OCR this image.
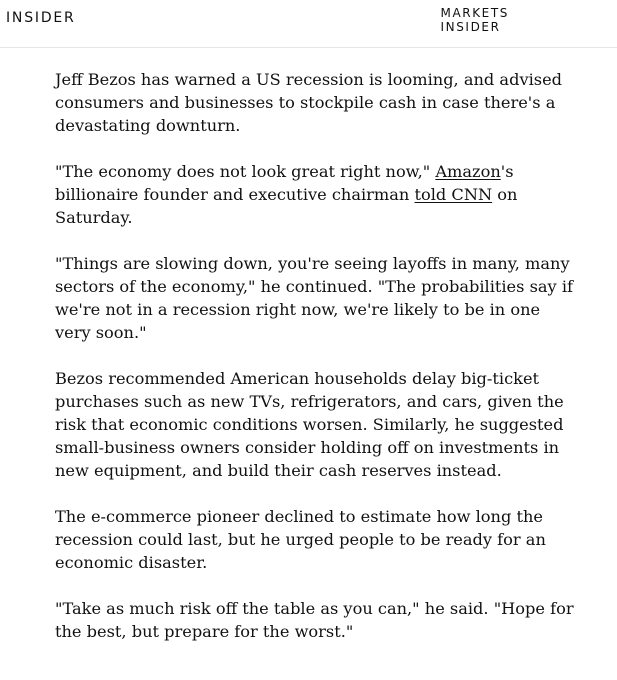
INSIDER	MARKETS
INSIDER

Jeff Bezos has warned a US recession is looming, and advised consumers and businesses to stockpile cash in case there's a devastating downturn.

"The economy does not look great right now," Amazon's billionaire founder and executive chairman told CNN on Saturday.

"Things are slowing down, you're seeing layoffs in many, many sectors of the economy," he continued. "The probabilities say if we're not in a recession right now, we're likely to be in one very soon."

Bezos recommended American households delay big-ticket purchases such as new TVs, refrigerators, and cars, given the risk that economic conditions worsen. Similarly, he suggested small-business owners consider holding off on investments in new equipment, and build their cash reserves instead.

The e-commerce pioneer declined to estimate how long the recession could last, but he urged people to be ready for an economic disaster.

"Take as much risk off the table as you can," he said. "Hope for the best, but prepare for the worst."
